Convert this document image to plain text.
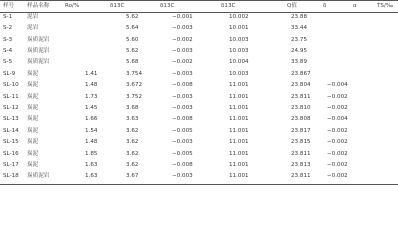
样号	样品名称	Ro/%	δ13C	δ13C	δ13C	Q值	δ	α	TS/‰
S-1	泥岩		5.62	−0.001	10.002	23.88			
S-2	泥岩		5.64	−0.003	10.001	33.44			
S-3	炭质泥岩		5.60	−0.002	10.003	23.75			
S-4	炭质泥岩		5.62	−0.003	10.003	24.95			
S-5	炭质泥岩		5.68	−0.002	10.004	33.89			
SL-9	炭泥	1.41	3.754	−0.003	10.003	23.867			
SL-10	炭泥	1.48	3.672	−0.008	11.001	23.804	−0.004		
SL-11	炭泥	1.73	3.752	−0.003	11.001	23.811	−0.002		
SL-12	炭泥	1.45	3.68	−0.003	11.001	23.810	−0.002		
SL-13	炭泥	1.66	3.63	−0.008	11.001	23.808	−0.004		
SL-14	炭泥	1.54	3.62	−0.005	11.001	23.817	−0.002		
SL-15	炭泥	1.48	3.62	−0.003	11.001	23.815	−0.002		
SL-16	炭泥	1.85	3.62	−0.005	11.001	23.811	−0.002		
SL-17	炭泥	1.63	3.62	−0.008	11.001	23.813	−0.002		
SL-18	炭质泥岩	1.63	3.67	−0.003	11.001	23.811	−0.002		
